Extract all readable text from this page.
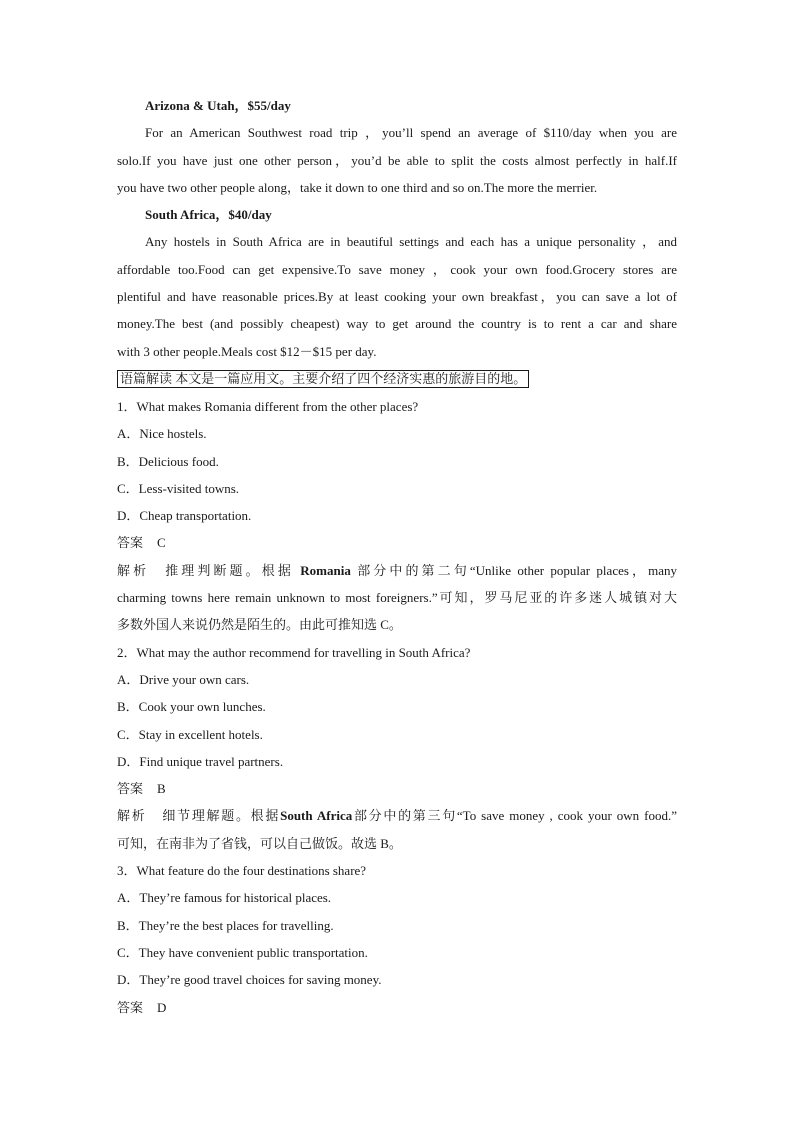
Arizona & Utah，$55/day
For an American Southwest road trip ，you’ll spend an average of $110/day when you are
solo.If you have just one other person，you’d be able to split the costs almost perfectly in half.If
you have two other people along，take it down to one third and so on.The more the merrier.
South Africa，$40/day
Any hostels in South Africa are in beautiful settings and each has a unique personality ，and
affordable too.Food can get expensive.To save money ，cook your own food.Grocery stores are
plentiful and have reasonable prices.By at least cooking your own breakfast，you can save a lot of
money.The best (and possibly cheapest) way to get around the country is to rent a car and share
with 3 other people.Meals cost $12－$15 per day.
语篇解读 本文是一篇应用文。主要介绍了四个经济实惠的旅游目的地。
1．What makes Romania different from the other places?
A．Nice hostels.
B．Delicious food.
C．Less-visited towns.
D．Cheap transportation.
答案 C
解析 推理判断题。根据 Romania 部分中的第二句“Unlike other popular places，many
charming towns here remain unknown to most foreigners.”可知，罗马尼亚的许多迷人城镇对大
多数外国人来说仍然是陌生的。由此可推知选 C。
2．What may the author recommend for travelling in South Africa?
A．Drive your own cars.
B．Cook your own lunches.
C．Stay in excellent hotels.
D．Find unique travel partners.
答案 B
解析 细节理解题。根据South Africa部分中的第三句“To save money , cook your own food.”
可知，在南非为了省钱，可以自己做饭。故选 B。
3．What feature do the four destinations share?
A．They’re famous for historical places.
B．They’re the best places for travelling.
C．They have convenient public transportation.
D．They’re good travel choices for saving money.
答案 D
